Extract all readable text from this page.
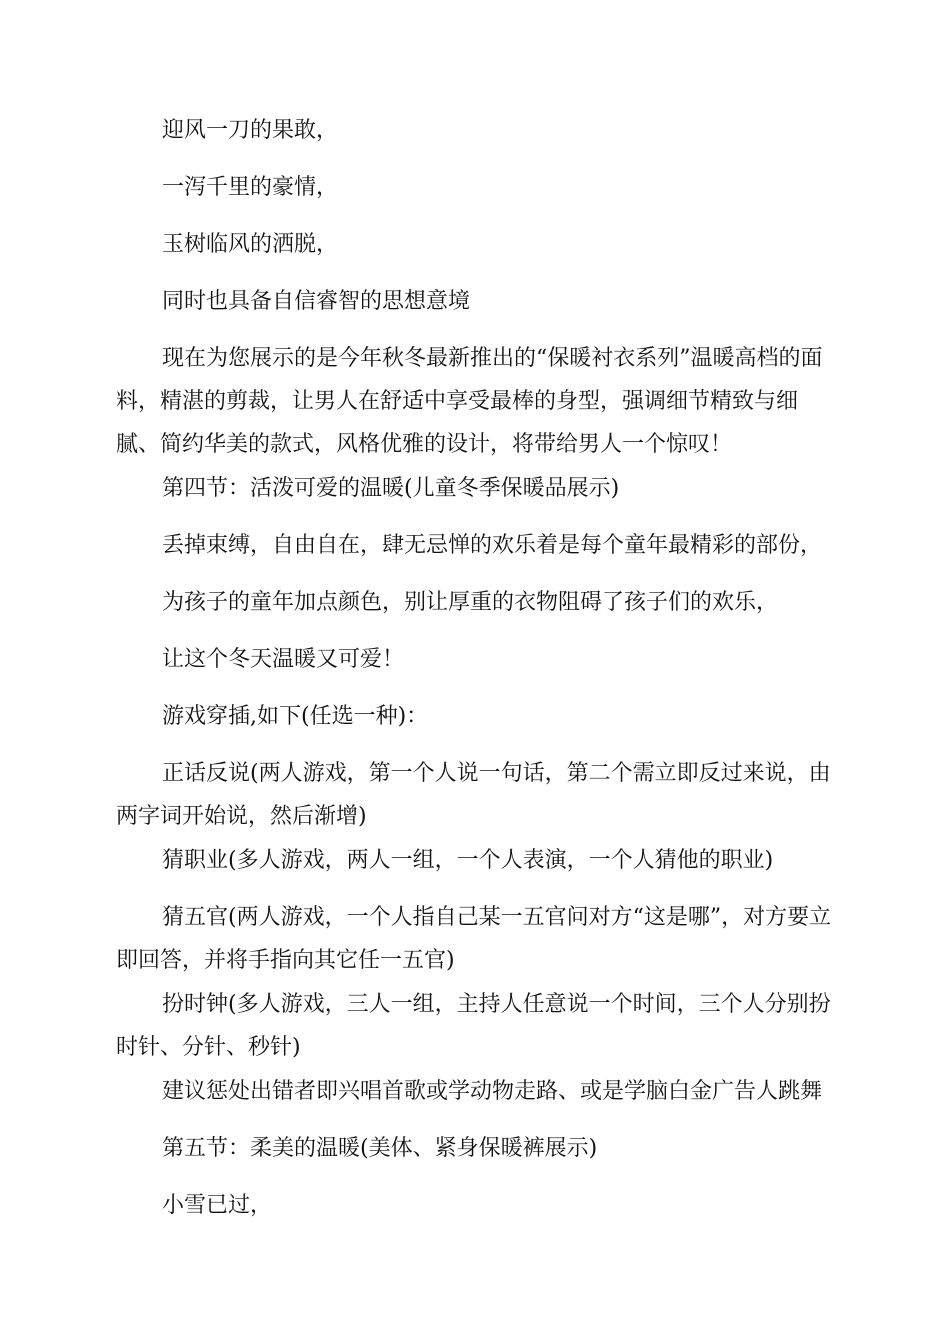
迎风一刀的果敢，

一泻千里的豪情，

玉树临风的洒脱，

同时也具备自信睿智的思想意境

现在为您展示的是今年秋冬最新推出的“保暖衬衣系列”温暖高档的面料，精湛的剪裁，让男人在舒适中享受最棒的身型，强调细节精致与细腻、简约华美的款式，风格优雅的设计，将带给男人一个惊叹！

第四节：活泼可爱的温暖(儿童冬季保暖品展示)

丢掉束缚，自由自在，肆无忌惮的欢乐着是每个童年最精彩的部份，

为孩子的童年加点颜色，别让厚重的衣物阻碍了孩子们的欢乐，

让这个冬天温暖又可爱！

游戏穿插,如下(任选一种)：

正话反说(两人游戏，第一个人说一句话，第二个需立即反过来说，由两字词开始说，然后渐增)

猜职业(多人游戏，两人一组，一个人表演，一个人猜他的职业)

猜五官(两人游戏，一个人指自己某一五官问对方“这是哪”，对方要立即回答，并将手指向其它任一五官)

扮时钟(多人游戏，三人一组，主持人任意说一个时间，三个人分别扮时针、分针、秒针)

建议惩处出错者即兴唱首歌或学动物走路、或是学脑白金广告人跳舞

第五节：柔美的温暖(美体、紧身保暖裤展示)

小雪已过，
